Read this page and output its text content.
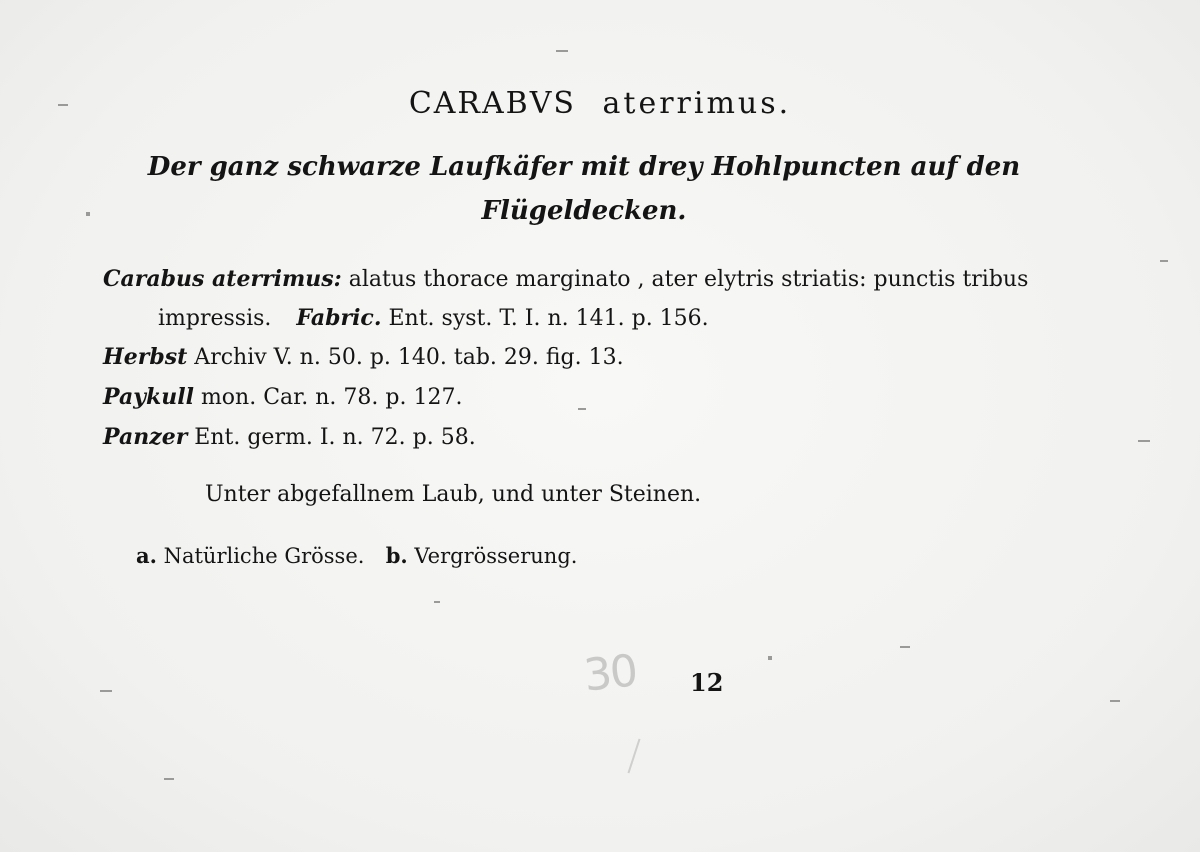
CARABVS aterrimus.
Der ganz schwarze Laufkäfer mit drey Hohlpuncten auf den
Flügeldecken.
Carabus aterrimus: alatus thorace marginato , ater elytris striatis: punctis tribus
impressis. Fabric. Ent. syst. T. I. n. 141. p. 156.
Herbst Archiv V. n. 50. p. 140. tab. 29. fig. 13.
Paykull mon. Car. n. 78. p. 127.
Panzer Ent. germ. I. n. 72. p. 58.
Unter abgefallnem Laub, und unter Steinen.
a. Natürliche Grösse. b. Vergrösserung.
30 12
